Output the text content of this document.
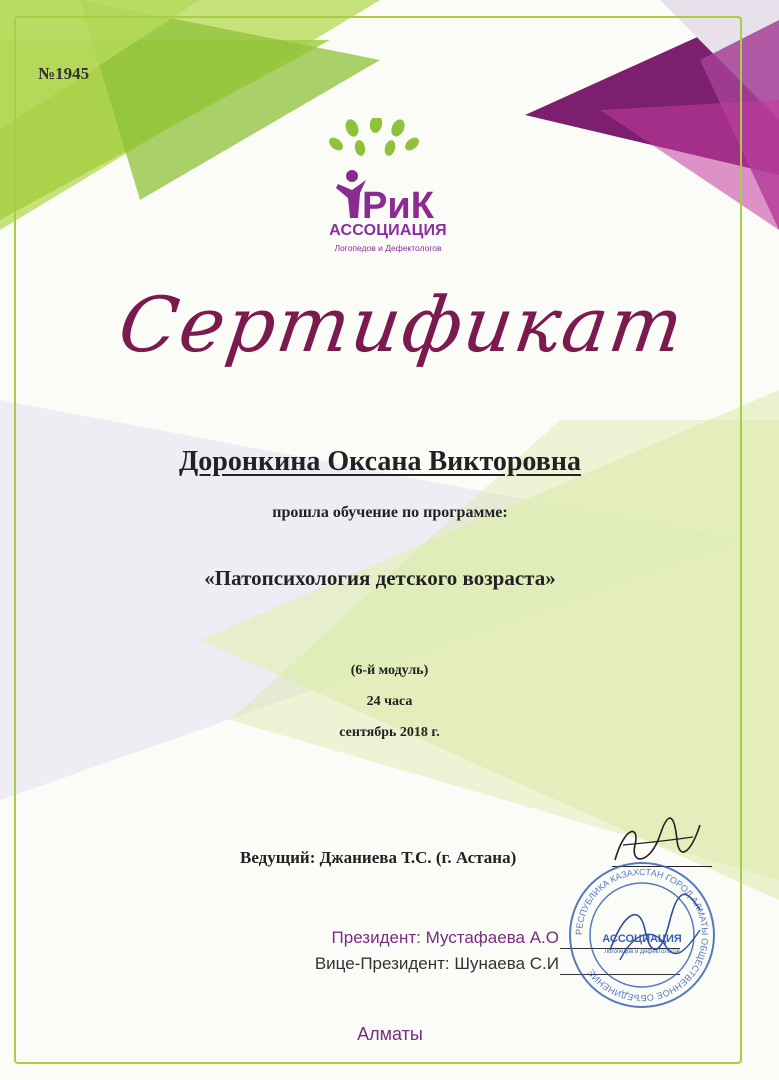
№1945
РиК
АССОЦИАЦИЯ
Логопедов и Дефектологов
Сертификат
Доронкина Оксана Викторовна
прошла обучение по программе:
«Патопсихология детского возраста»
(6-й модуль)
24 часа
сентябрь 2018 г.
Ведущий: Джаниева Т.С. (г. Астана)
Президент: Мустафаева А.О
Вице-Президент: Шунаева С.И
РЕСПУБЛИКА КАЗАХСТАН ГОРОД АЛМАТЫ ОБЩЕСТВЕННОЕ ОБЪЕДИНЕНИЕ
АССОЦИАЦИЯ
Логопедов и Дефектологов
Алматы
